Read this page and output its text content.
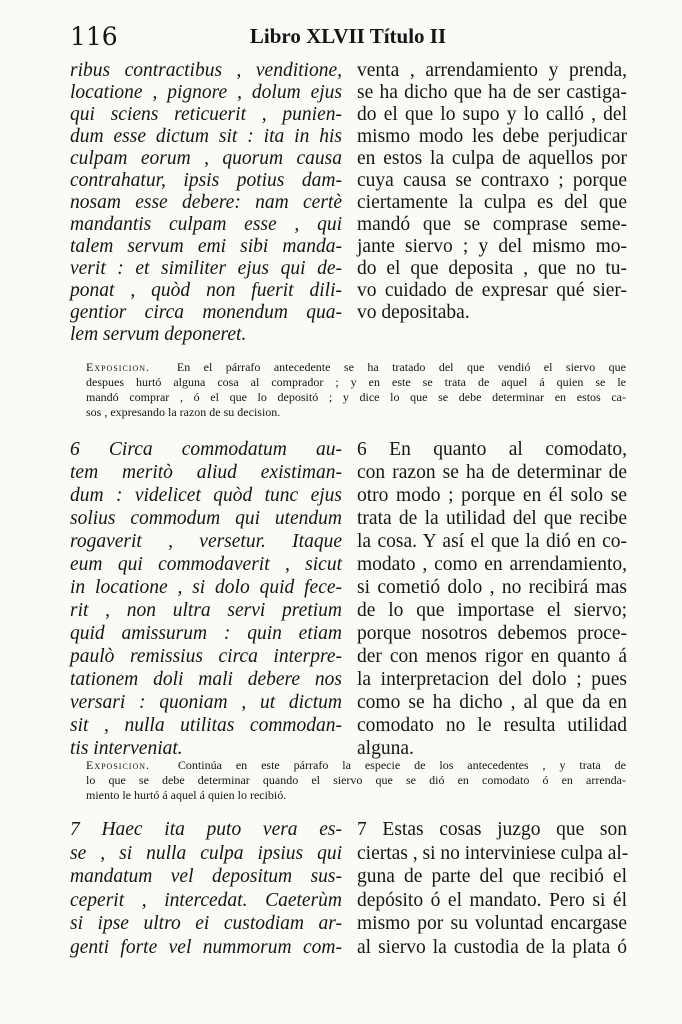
116	Libro XLVII Título II
ribus contractibus , venditione,
locatione , pignore , dolum ejus
qui sciens reticuerit , punien-
dum esse dictum sit : ita in his
culpam eorum , quorum causa
contrahatur, ipsis potius dam-
nosam esse debere: nam certè
mandantis culpam esse , qui
talem servum emi sibi manda-
verit : et similiter ejus qui de-
ponat , quòd non fuerit dili-
gentior circa monendum qua-
lem servum deponeret.
venta , arrendamiento y prenda,
se ha dicho que ha de ser castiga-
do el que lo supo y lo calló , del
mismo modo les debe perjudicar
en estos la culpa de aquellos por
cuya causa se contraxo ; porque
ciertamente la culpa es del que
mandó que se comprase seme-
jante siervo ; y del mismo mo-
do el que deposita , que no tu-
vo cuidado de expresar qué sier-
vo depositaba.
Exposicion. En el párrafo antecedente se ha tratado del que vendió el siervo que
despues hurtó alguna cosa al comprador ; y en este se trata de aquel á quien se le
mandó comprar , ó el que lo depositó ; y dice lo que se debe determinar en estos ca-
sos , expresando la razon de su decision.
6 Circa commodatum au-
tem meritò aliud existiman-
dum : videlicet quòd tunc ejus
solius commodum qui utendum
rogaverit , versetur. Itaque
eum qui commodaverit , sicut
in locatione , si dolo quid fece-
rit , non ultra servi pretium
quid amissurum : quin etiam
paulò remissius circa interpre-
tationem doli mali debere nos
versari : quoniam , ut dictum
sit , nulla utilitas commodan-
tis interveniat.
6 En quanto al comodato,
con razon se ha de determinar de
otro modo ; porque en él solo se
trata de la utilidad del que recibe
la cosa. Y así el que la dió en co-
modato , como en arrendamiento,
si cometió dolo , no recibirá mas
de lo que importase el siervo;
porque nosotros debemos proce-
der con menos rigor en quanto á
la interpretacion del dolo ; pues
como se ha dicho , al que da en
comodato no le resulta utilidad
alguna.
Exposicion. Continúa en este párrafo la especie de los antecedentes , y trata de
lo que se debe determinar quando el siervo que se dió en comodato ó en arrenda-
miento le hurtó á aquel á quien lo recibió.
7 Haec ita puto vera es-
se , si nulla culpa ipsius qui
mandatum vel depositum sus-
ceperit , intercedat. Caeterùm
si ipse ultro ei custodiam ar-
genti forte vel nummorum com-
7 Estas cosas juzgo que son
ciertas , si no interviniese culpa al-
guna de parte del que recibió el
depósito ó el mandato. Pero si él
mismo por su voluntad encargase
al siervo la custodia de la plata ó
